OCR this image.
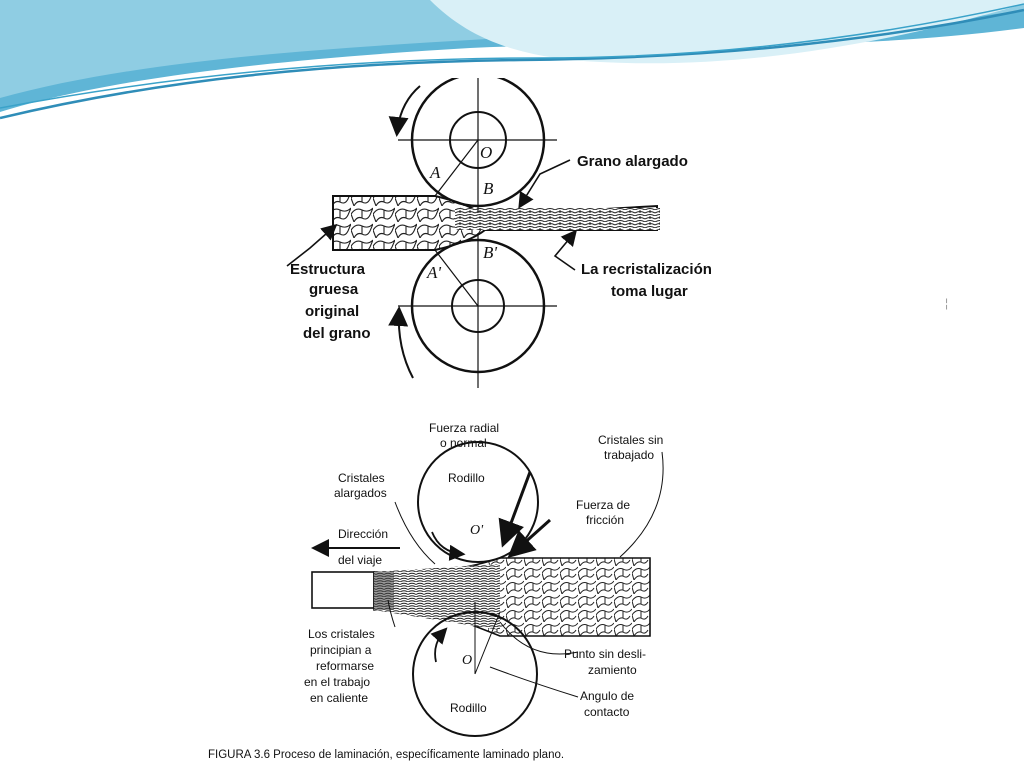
O
A
B
B'
A'
Grano alargado
Estructura
gruesa
original
del grano
La recristalización
toma lugar
¦
Fuerza radial
o normal	Cristales sin
trabajado
Cristales
alargados
Rodillo
O'
Fuerza de
fricción
Dirección
del viaje
Los cristales
principian a
reformarse
en el trabajo
en caliente
O
Rodillo
Punto sin desli-
zamiento
Angulo de
contacto
FIGURA 3.6 Proceso de laminación, específicamente laminado plano.
